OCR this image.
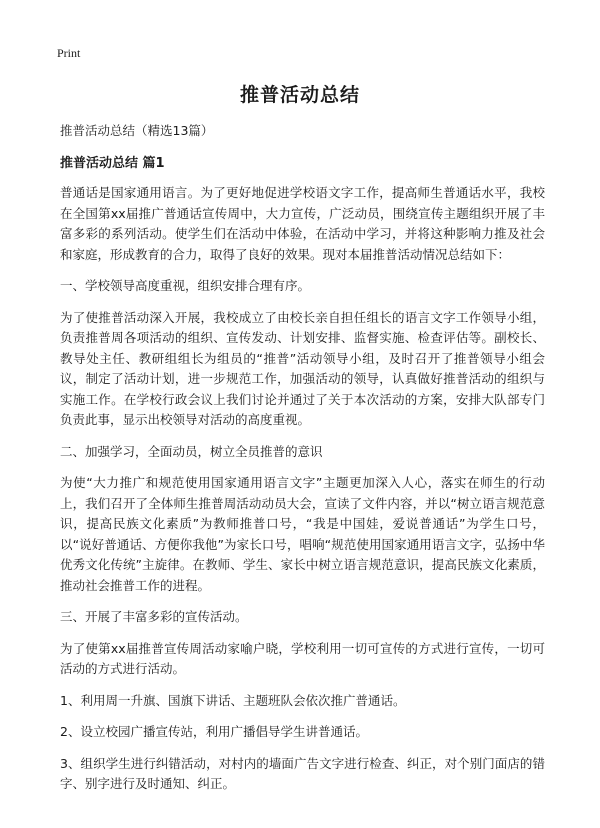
Print
推普活动总结
推普活动总结（精选13篇）
推普活动总结 篇1

普通话是国家通用语言。为了更好地促进学校语文字工作，提高师生普通话水平，我校在全国第xx届推广普通话宣传周中，大力宣传，广泛动员，围绕宣传主题组织开展了丰富多彩的系列活动。使学生们在活动中体验，在活动中学习，并将这种影响力推及社会和家庭，形成教育的合力，取得了良好的效果。现对本届推普活动情况总结如下：

一、学校领导高度重视，组织安排合理有序。

为了使推普活动深入开展，我校成立了由校长亲自担任组长的语言文字工作领导小组，负责推普周各项活动的组织、宣传发动、计划安排、监督实施、检查评估等。副校长、教导处主任、教研组组长为组员的“推普”活动领导小组，及时召开了推普领导小组会议，制定了活动计划，进一步规范工作，加强活动的领导，认真做好推普活动的组织与实施工作。在学校行政会议上我们讨论并通过了关于本次活动的方案，安排大队部专门负责此事，显示出校领导对活动的高度重视。

二、加强学习，全面动员，树立全员推普的意识

为使“大力推广和规范使用国家通用语言文字”主题更加深入人心，落实在师生的行动上，我们召开了全体师生推普周活动动员大会，宣读了文件内容，并以“树立语言规范意识，提高民族文化素质”为教师推普口号，“我是中国娃，爱说普通话”为学生口号，以“说好普通话、方便你我他”为家长口号，唱响“规范使用国家通用语言文字，弘扬中华优秀文化传统”主旋律。在教师、学生、家长中树立语言规范意识，提高民族文化素质，推动社会推普工作的进程。

三、开展了丰富多彩的宣传活动。

为了使第xx届推普宣传周活动家喻户晓，学校利用一切可宣传的方式进行宣传，一切可活动的方式进行活动。

1、利用周一升旗、国旗下讲话、主题班队会依次推广普通话。

2、设立校园广播宣传站，利用广播倡导学生讲普通话。

3、组织学生进行纠错活动，对村内的墙面广告文字进行检查、纠正，对个别门面店的错字、别字进行及时通知、纠正。
